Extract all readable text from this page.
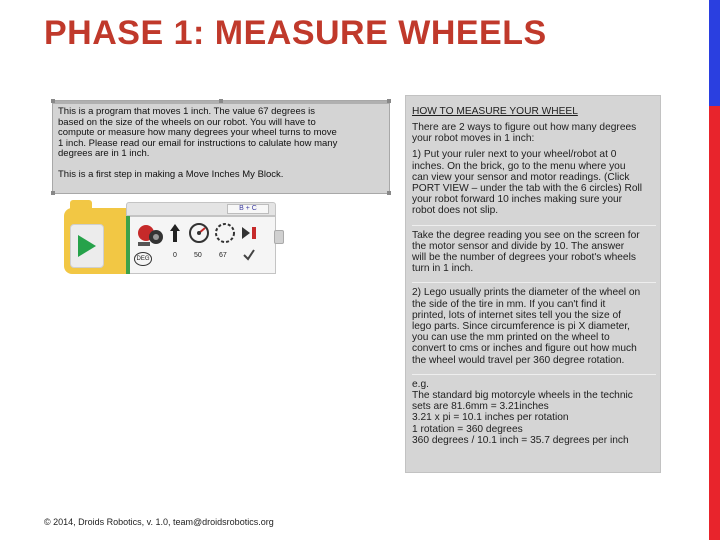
PHASE 1: MEASURE WHEELS

This is a program that moves 1 inch. The value 67 degrees is
based on the size of the wheels on our robot. You will have to
compute or measure how many degrees your wheel turns to move
1 inch. Please read our email for instructions to calulate how many
degrees are in 1 inch.

This is a first step in making a Move Inches My Block.

B + C
DEG	0 50 67
HOW TO MEASURE YOUR WHEEL

There are 2 ways to figure out how many degrees
your robot moves in 1 inch:

1) Put your ruler next to your wheel/robot at 0
inches. On the brick, go to the menu where you
can view your sensor and motor readings. (Click
PORT VIEW – under the tab with the 6 circles) Roll
your robot forward 10 inches making sure your
robot does not slip.

Take the degree reading you see on the screen for
the motor sensor and divide by 10. The answer
will be the number of degrees your robot's wheels
turn in 1 inch.

2) Lego usually prints the diameter of the wheel on
the side of the tire in mm. If you can't find it
printed, lots of internet sites tell you the size of
lego parts. Since circumference is pi X diameter,
you can use the mm printed on the wheel to
convert to cms or inches and figure out how much
the wheel would travel per 360 degree rotation.

e.g.
The standard big motorcyle wheels in the technic
sets are 81.6mm = 3.21inches
3.21 x pi = 10.1 inches per rotation
1 rotation = 360 degrees
360 degrees / 10.1 inch = 35.7 degrees per inch

© 2014, Droids Robotics, v. 1.0, team@droidsrobotics.org
